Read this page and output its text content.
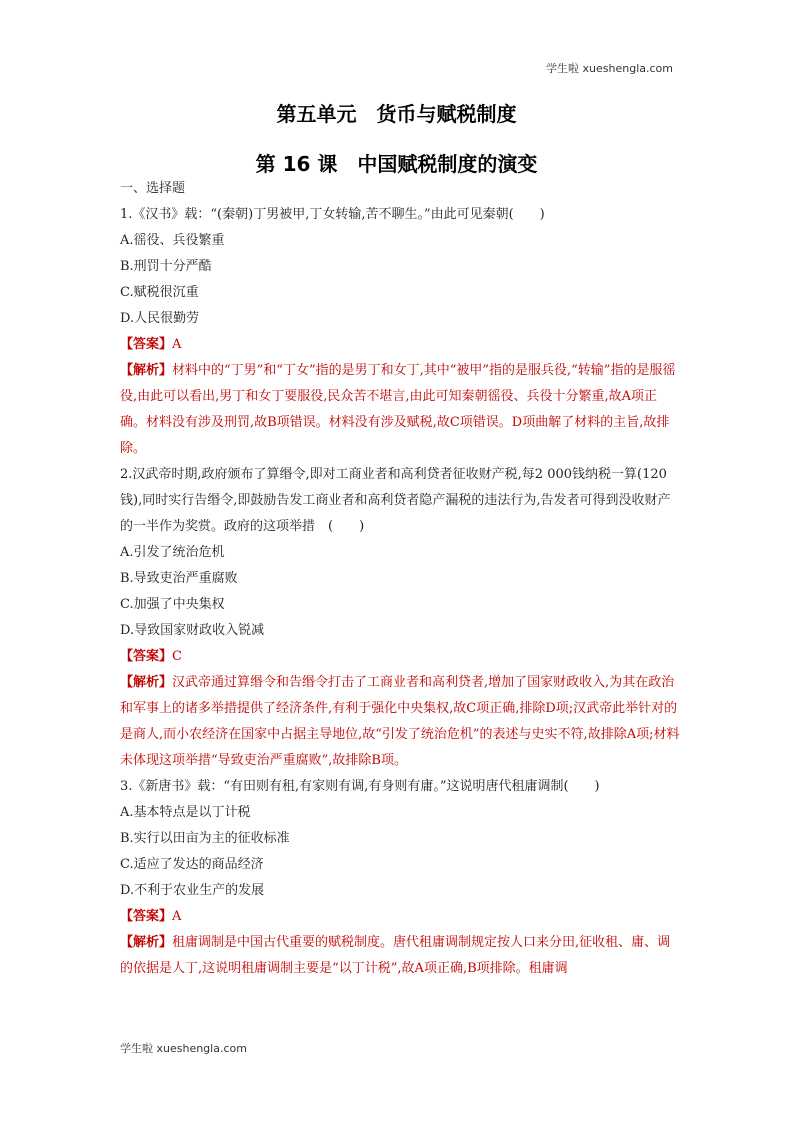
学生啦 xueshengla.com
第五单元　货币与赋税制度
第 16 课　中国赋税制度的演变
一、选择题
1.《汉书》载：“(秦朝)丁男被甲,丁女转输,苦不聊生。”由此可见秦朝(　　)
A.徭役、兵役繁重
B.刑罚十分严酷
C.赋税很沉重
D.人民很勤劳
【答案】A
【解析】材料中的“丁男”和“丁女”指的是男丁和女丁,其中“被甲”指的是服兵役,“转输”指的是服徭役,由此可以看出,男丁和女丁要服役,民众苦不堪言,由此可知秦朝徭役、兵役十分繁重,故A项正确。材料没有涉及刑罚,故B项错误。材料没有涉及赋税,故C项错误。D项曲解了材料的主旨,故排除。
2.汉武帝时期,政府颁布了算缗令,即对工商业者和高利贷者征收财产税,每2 000钱纳税一算(120钱),同时实行告缗令,即鼓励告发工商业者和高利贷者隐产漏税的违法行为,告发者可得到没收财产的一半作为奖赏。政府的这项举措　(　　)
A.引发了统治危机
B.导致吏治严重腐败
C.加强了中央集权
D.导致国家财政收入锐减
【答案】C
【解析】汉武帝通过算缗令和告缗令打击了工商业者和高利贷者,增加了国家财政收入,为其在政治和军事上的诸多举措提供了经济条件,有利于强化中央集权,故C项正确,排除D项;汉武帝此举针对的是商人,而小农经济在国家中占据主导地位,故“引发了统治危机”的表述与史实不符,故排除A项;材料未体现这项举措“导致吏治严重腐败”,故排除B项。
3.《新唐书》载：“有田则有租,有家则有调,有身则有庸。”这说明唐代租庸调制(　　)
A.基本特点是以丁计税
B.实行以田亩为主的征收标准
C.适应了发达的商品经济
D.不利于农业生产的发展
【答案】A
【解析】租庸调制是中国古代重要的赋税制度。唐代租庸调制规定按人口来分田,征收租、庸、调的依据是人丁,这说明租庸调制主要是“以丁计税”,故A项正确,B项排除。租庸调
学生啦 xueshengla.com
